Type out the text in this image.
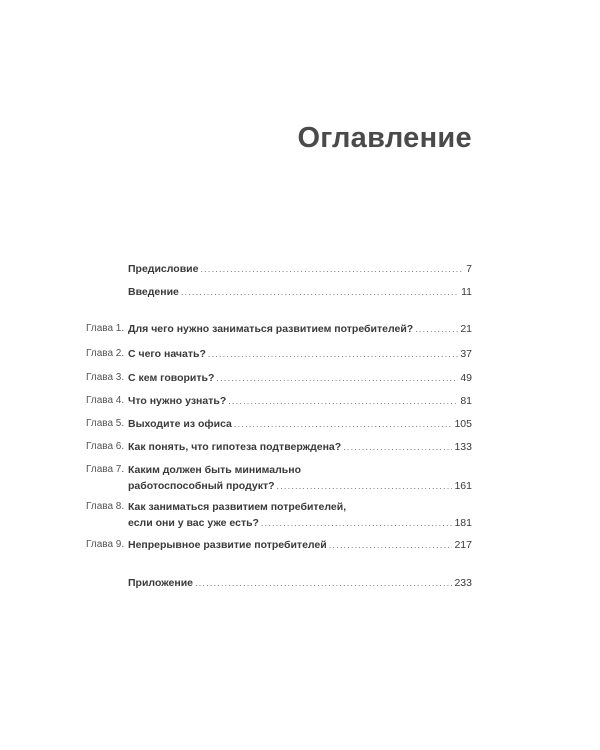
Оглавление
Предисловие .....	7
Введение .....	11
Глава 1. Для чего нужно заниматься развитием потребителей? .....	21
Глава 2. С чего начать? .....	37
Глава 3. С кем говорить? .....	49
Глава 4. Что нужно узнать? .....	81
Глава 5. Выходите из офиса .....	105
Глава 6. Как понять, что гипотеза подтверждена? .....	133
Глава 7. Каким должен быть минимально
работоспособный продукт? .....	161
Глава 8. Как заниматься развитием потребителей,
если они у вас уже есть? .....	181
Глава 9. Непрерывное развитие потребителей .....	217
Приложение .....	233
